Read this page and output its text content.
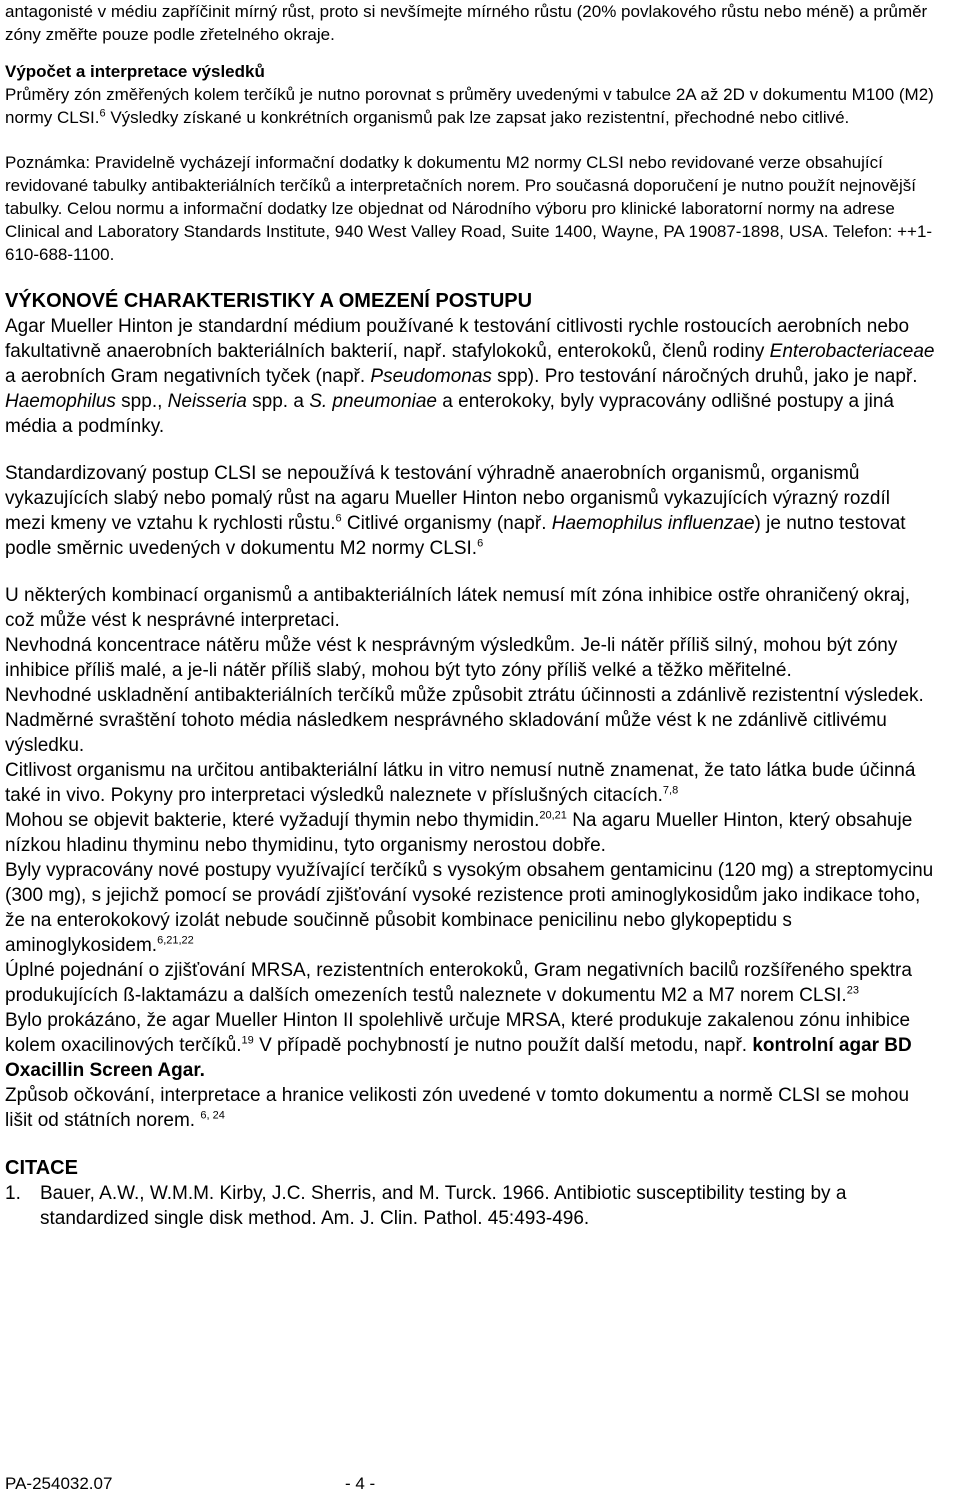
antagonisté v médiu zapříčinit mírný růst, proto si nevšímejte mírného růstu (20% povlakového růstu nebo méně) a průměr zóny změřte pouze podle zřetelného okraje.

Výpočet a interpretace výsledků

Průměry zón změřených kolem terčíků je nutno porovnat s průměry uvedenými v tabulce 2A až 2D v dokumentu M100 (M2) normy CLSI.$^6$ Výsledky získané u konkrétních organismů pak lze zapsat jako rezistentní, přechodné nebo citlivé.

Poznámka: Pravidelně vycházejí informační dodatky k dokumentu M2 normy CLSI nebo revidované verze obsahující revidované tabulky antibakteriálních terčíků a interpretačních norem. Pro současná doporučení je nutno použít nejnovější tabulky. Celou normu a informační dodatky lze objednat od Národního výboru pro klinické laboratorní normy na adrese Clinical and Laboratory Standards Institute, 940 West Valley Road, Suite 1400, Wayne, PA 19087-1898, USA. Telefon: ++1-610-688-1100.

VÝKONOVÉ CHARAKTERISTIKY A OMEZENÍ POSTUPU

Agar Mueller Hinton je standardní médium používané k testování citlivosti rychle rostoucích aerobních nebo fakultativně anaerobních bakteriálních bakterií, např. stafylokoků, enterokoků, členů rodiny Enterobacteriaceae a aerobních Gram negativních tyček (např. Pseudomonas spp). Pro testování náročných druhů, jako je např. Haemophilus spp., Neisseria spp. a S. pneumoniae a enterokoky, byly vypracovány odlišné postupy a jiná média a podmínky.

Standardizovaný postup CLSI se nepoužívá k testování výhradně anaerobních organismů, organismů vykazujících slabý nebo pomalý růst na agaru Mueller Hinton nebo organismů vykazujících výrazný rozdíl mezi kmeny ve vztahu k rychlosti růstu.$^6$ Citlivé organismy (např. Haemophilus influenzae) je nutno testovat podle směrnic uvedených v dokumentu M2 normy CLSI.$^6$

U některých kombinací organismů a antibakteriálních látek nemusí mít zóna inhibice ostře ohraničený okraj, což může vést k nesprávné interpretaci.

Nevhodná koncentrace nátěru může vést k nesprávným výsledkům. Je-li nátěr příliš silný, mohou být zóny inhibice příliš malé, a je-li nátěr příliš slabý, mohou být tyto zóny příliš velké a těžko měřitelné.

Nevhodné uskladnění antibakteriálních terčíků může způsobit ztrátu účinnosti a zdánlivě rezistentní výsledek.

Nadměrné svraštění tohoto média následkem nesprávného skladování může vést k ne zdánlivě citlivému výsledku.

Citlivost organismu na určitou antibakteriální látku in vitro nemusí nutně znamenat, že tato látka bude účinná také in vivo. Pokyny pro interpretaci výsledků naleznete v příslušných citacích.$^{7,8}$

Mohou se objevit bakterie, které vyžadují thymin nebo thymidin.$^{20,21}$ Na agaru Mueller Hinton, který obsahuje nízkou hladinu thyminu nebo thymidinu, tyto organismy nerostou dobře.

Byly vypracovány nové postupy využívající terčíků s vysokým obsahem gentamicinu (120 mg) a streptomycinu (300 mg), s jejichž pomocí se provádí zjišťování vysoké rezistence proti aminoglykosidům jako indikace toho, že na enterokokový izolát nebude součinně působit kombinace penicilinu nebo glykopeptidu s aminoglykosidem.$^{6,21,22}$

Úplné pojednání o zjišťování MRSA, rezistentních enterokoků, Gram negativních bacilů rozšířeného spektra produkujících ß-laktamázu a dalších omezeních testů naleznete v dokumentu M2 a M7 norem CLSI.$^{23}$

Bylo prokázáno, že agar Mueller Hinton II spolehlivě určuje MRSA, které produkuje zakalenou zónu inhibice kolem oxacilinových terčíků.$^{19}$ V případě pochybností je nutno použít další metodu, např. kontrolní agar BD Oxacillin Screen Agar.

Způsob očkování, interpretace a hranice velikosti zón uvedené v tomto dokumentu a normě CLSI se mohou lišit od státních norem. $^{6, 24}$

CITACE

1.	Bauer, A.W., W.M.M. Kirby, J.C. Sherris, and M. Turck. 1966. Antibiotic susceptibility testing by a standardized single disk method. Am. J. Clin. Pathol. 45:493-496.
PA-254032.07	- 4 -
